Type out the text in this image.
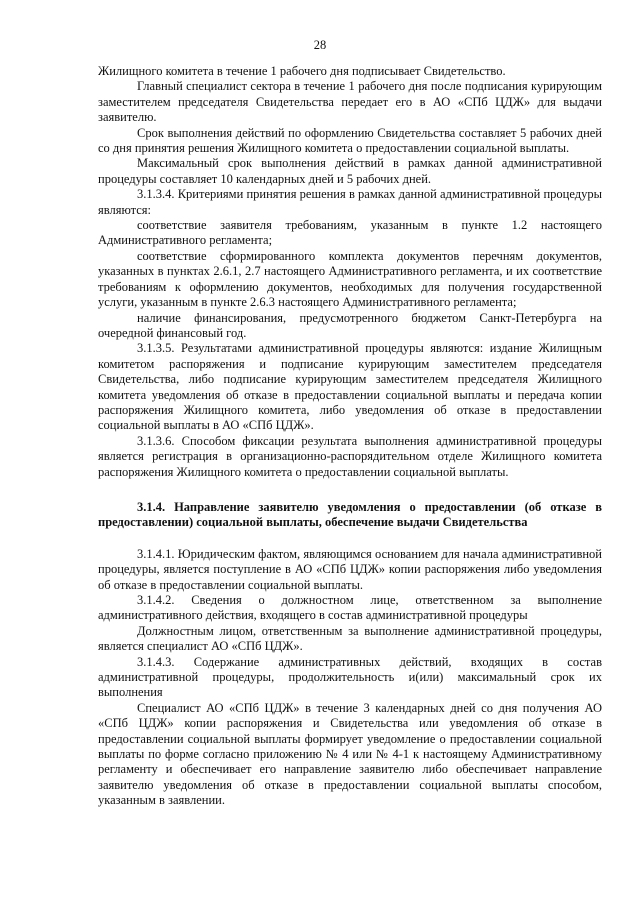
28

Жилищного комитета в течение 1 рабочего дня подписывает Свидетельство.

Главный специалист сектора в течение 1 рабочего дня после подписания курирующим заместителем председателя Свидетельства передает его в АО «СПб ЦДЖ» для выдачи заявителю.

Срок выполнения действий по оформлению Свидетельства составляет 5 рабочих дней со дня принятия решения Жилищного комитета о предоставлении социальной выплаты.

Максимальный срок выполнения действий в рамках данной административной процедуры составляет 10 календарных дней и 5 рабочих дней.

3.1.3.4. Критериями принятия решения в рамках данной административной процедуры являются:

соответствие заявителя требованиям, указанным в пункте 1.2 настоящего Административного регламента;

соответствие сформированного комплекта документов перечням документов, указанных в пунктах 2.6.1, 2.7 настоящего Административного регламента, и их соответствие требованиям к оформлению документов, необходимых для получения государственной услуги, указанным в пункте 2.6.3 настоящего Административного регламента;

наличие финансирования, предусмотренного бюджетом Санкт-Петербурга на очередной финансовый год.

3.1.3.5. Результатами административной процедуры являются: издание Жилищным комитетом распоряжения и подписание курирующим заместителем председателя Свидетельства, либо подписание курирующим заместителем председателя Жилищного комитета уведомления об отказе в предоставлении социальной выплаты и передача копии распоряжения Жилищного комитета, либо уведомления об отказе в предоставлении социальной выплаты в АО «СПб ЦДЖ».

3.1.3.6. Способом фиксации результата выполнения административной процедуры является регистрация в организационно-распорядительном отделе Жилищного комитета распоряжения Жилищного комитета о предоставлении социальной выплаты.

3.1.4. Направление заявителю уведомления о предоставлении (об отказе в предоставлении) социальной выплаты, обеспечение выдачи Свидетельства

3.1.4.1. Юридическим фактом, являющимся основанием для начала административной процедуры, является поступление в АО «СПб ЦДЖ» копии распоряжения либо уведомления об отказе в предоставлении социальной выплаты.

3.1.4.2. Сведения о должностном лице, ответственном за выполнение административного действия, входящего в состав административной процедуры

Должностным лицом, ответственным за выполнение административной процедуры, является специалист АО «СПб ЦДЖ».

3.1.4.3. Содержание административных действий, входящих в состав административной процедуры, продолжительность и(или) максимальный срок их выполнения

Специалист АО «СПб ЦДЖ» в течение 3 календарных дней со дня получения АО «СПб ЦДЖ» копии распоряжения и Свидетельства или уведомления об отказе в предоставлении социальной выплаты формирует уведомление о предоставлении социальной выплаты по форме согласно приложению № 4 или № 4-1 к настоящему Административному регламенту и обеспечивает его направление заявителю либо обеспечивает направление заявителю уведомления об отказе в предоставлении социальной выплаты способом, указанным в заявлении.
